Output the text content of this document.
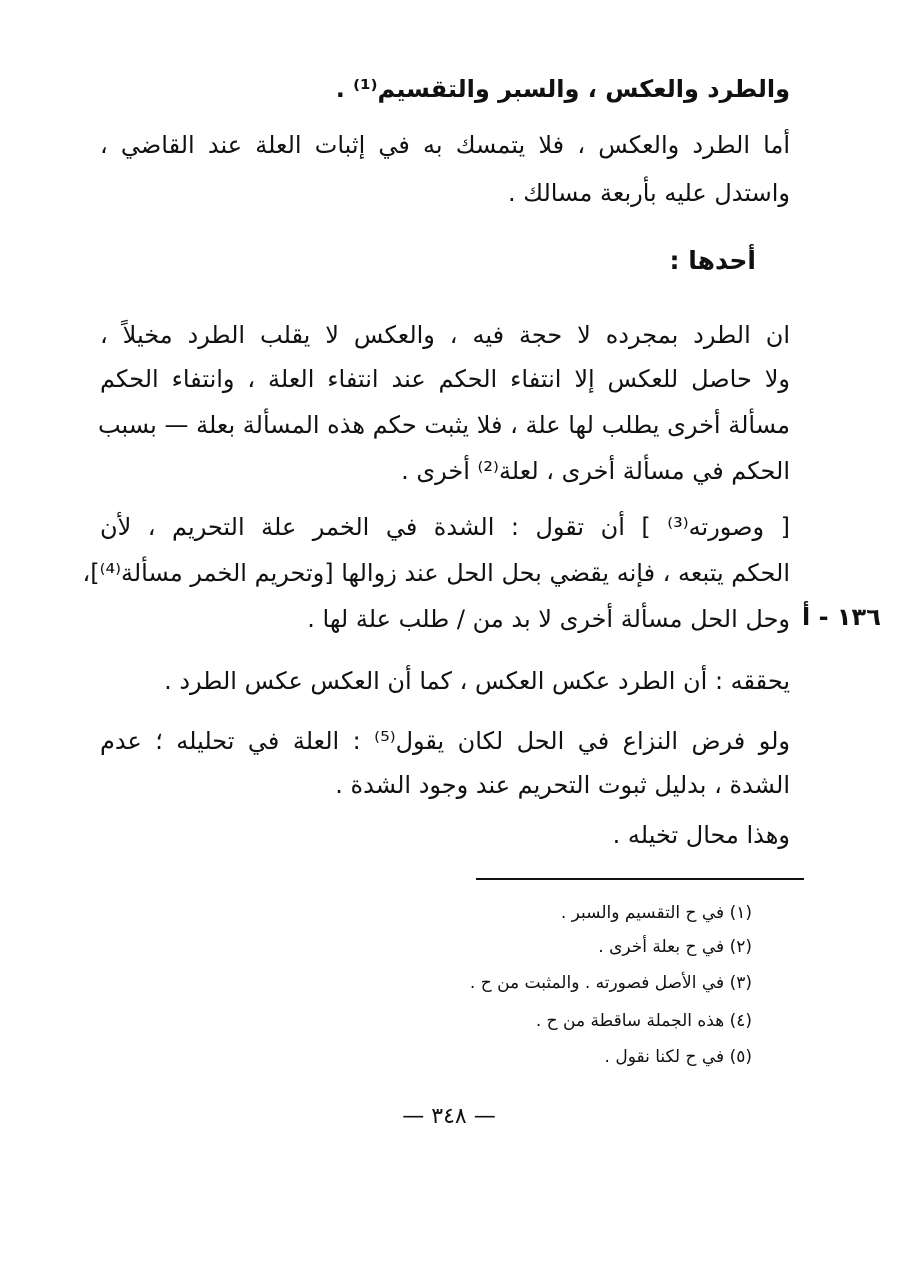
والطرد والعكس ، والسبر والتقسيم⁽¹⁾ .
أما الطرد والعكس ، فلا يتمسك به في إثبات العلة عند القاضي ،
واستدل عليه بأربعة مسالك .
أحدها :
ان الطرد بمجرده لا حجة فيه ، والعكس لا يقلب الطرد مخيلاً ،
ولا حاصل للعكس إلا انتفاء الحكم عند انتفاء العلة ، وانتفاء الحكم
مسألة أخرى يطلب لها علة ، فلا يثبت حكم هذه المسألة بعلة — بسبب
الحكم في مسألة أخرى ، لعلة⁽²⁾ أخرى .
[ وصورته⁽³⁾ ] أن تقول : الشدة في الخمر علة التحريم ، لأن
الحكم يتبعه ، فإنه يقضي بحل الحل عند زوالها [وتحريم الخمر مسألة⁽⁴⁾]،
وحل الحل مسألة أخرى لا بد من / طلب علة لها . ١٣٦ - أ
يحققه : أن الطرد عكس العكس ، كما أن العكس عكس الطرد .
ولو فرض النزاع في الحل لكان يقول⁽⁵⁾ : العلة في تحليله ؛ عدم
الشدة ، بدليل ثبوت التحريم عند وجود الشدة .
وهذا محال تخيله .
(١) في ح التقسيم والسبر .
(٢) في ح بعلة أخرى .
(٣) في الأصل فصورته . والمثبت من ح .
(٤) هذه الجملة ساقطة من ح .
(٥) في ح لكنا نقول .
— ٣٤٨ —
